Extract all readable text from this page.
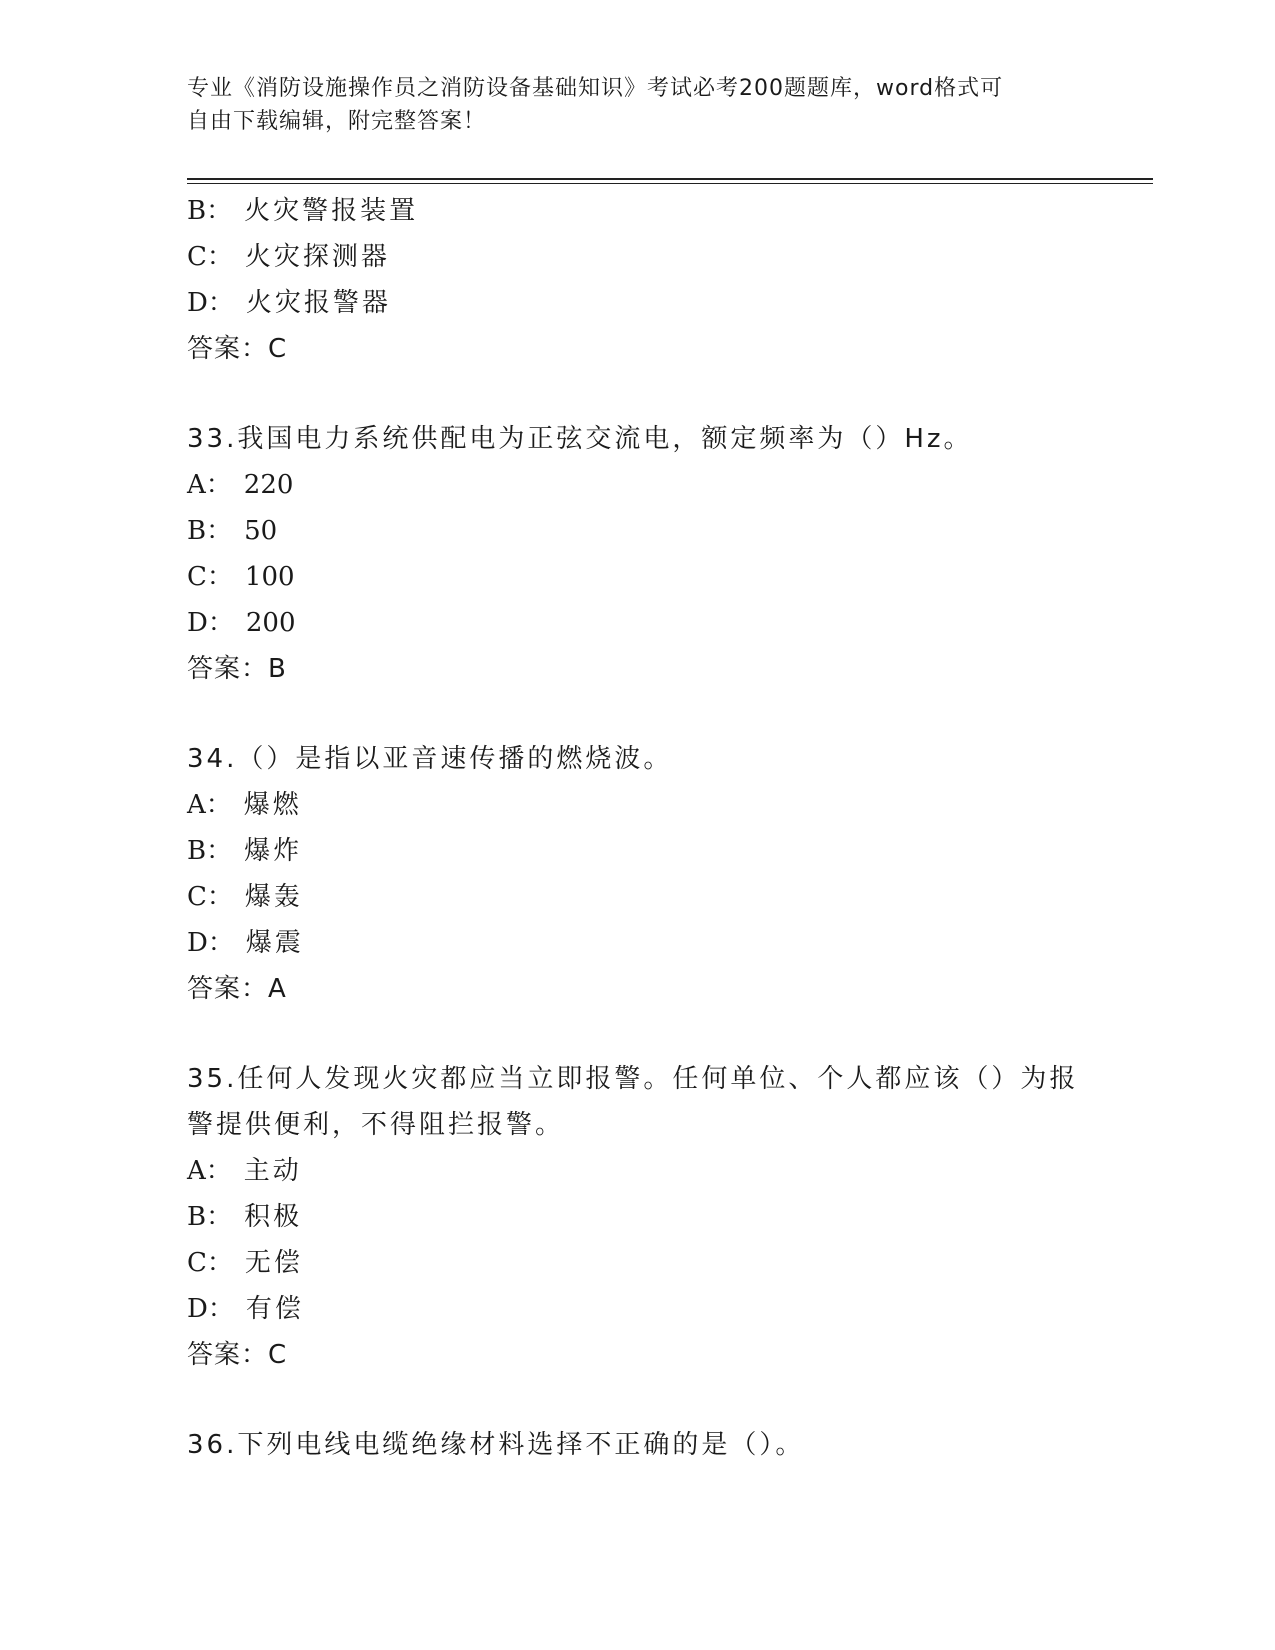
专业《消防设施操作员之消防设备基础知识》考试必考200题题库，word格式可
自由下载编辑，附完整答案！
B： 火灾警报装置
C： 火灾探测器
D： 火灾报警器
答案：C
33.我国电力系统供配电为正弦交流电，额定频率为（）Hz。
A： 220
B： 50
C： 100
D： 200
答案：B
34.（）是指以亚音速传播的燃烧波。
A： 爆燃
B： 爆炸
C： 爆轰
D： 爆震
答案：A
35.任何人发现火灾都应当立即报警。任何单位、个人都应该（）为报
警提供便利，不得阻拦报警。
A： 主动
B： 积极
C： 无偿
D： 有偿
答案：C
36.下列电线电缆绝缘材料选择不正确的是（）。
